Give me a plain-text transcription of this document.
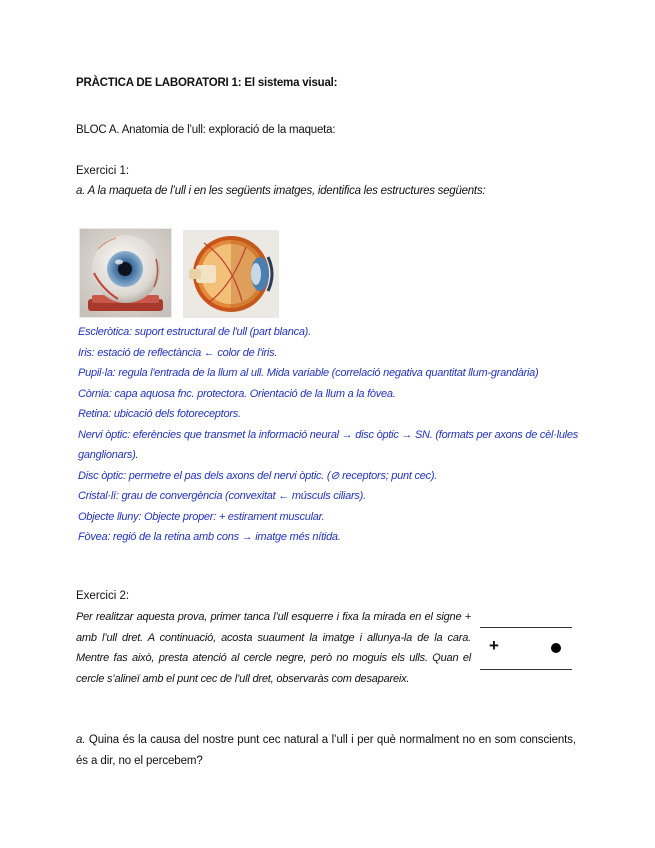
PRÀCTICA DE LABORATORI 1: El sistema visual:
BLOC A. Anatomia de l’ull: exploració de la maqueta:
Exercici 1:
a. A la maqueta de l’ull i en les següents imatges, identifica les estructures següents:

Escleròtica: suport estructural de l'ull (part blanca).

Iris: estació de reflectància ← color de l'iris.

Pupil·la: regula l'entrada de la llum al ull. Mida variable (correlació negativa quantitat llum-grandària)

Còrnia: capa aquosa fnc. protectora. Orientació de la llum a la fòvea.

Retina: ubicació dels fotoreceptors.

Nervi òptic: eferències que transmet la informació neural → disc òptic → SN. (formats per axons de cèl·lules ganglionars).

Disc òptic: permetre el pas dels axons del nervi òptic. (⊘ receptors; punt cec).

Cristal·lí: grau de convergència (convexitat ← músculs ciliars).

Objecte lluny: Objecte proper: + estirament muscular.

Fòvea: regió de la retina amb cons → imatge més nítida.

Exercici 2:
Per realitzar aquesta prova, primer tanca l’ull esquerre i fixa la mirada en el signe + amb l’ull dret. A continuació, acosta suaument la imatge i allunya-la de la cara. Mentre fas això, presta atenció al cercle negre, però no moguis els ulls. Quan el cercle s’alineï amb el punt cec de l’ull dret, observaràs com desapareix.
+
a. Quina és la causa del nostre punt cec natural a l’ull i per què normalment no en som conscients, és a dir, no el percebem?
